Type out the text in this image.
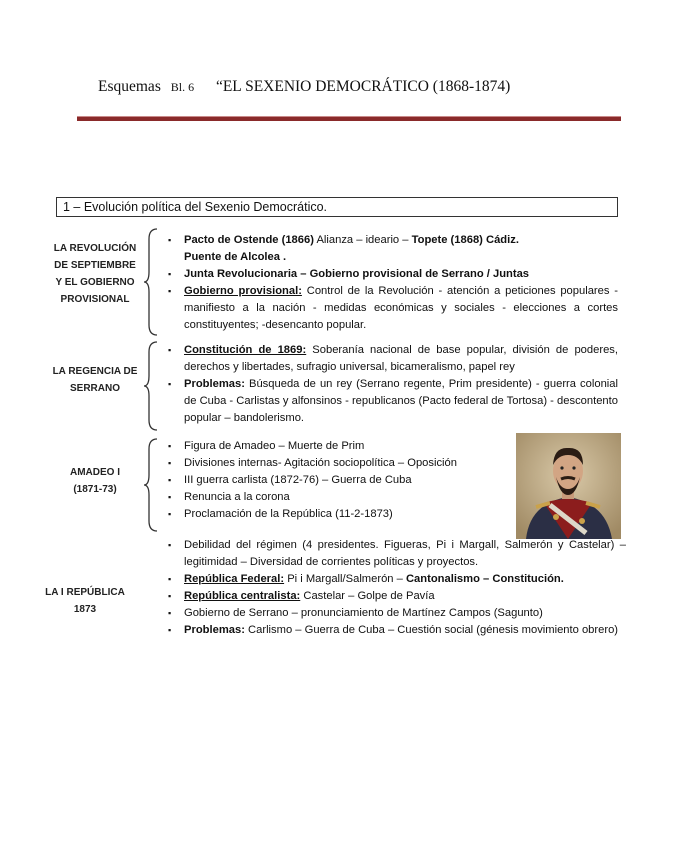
Esquemas Bl. 6 “EL SEXENIO DEMOCRÁTICO (1868-1874)
1 – Evolución política del Sexenio Democrático.
LA REVOLUCIÓN
DE SEPTIEMBRE
Y EL GOBIERNO
PROVISIONAL
▪ Pacto de Ostende (1866) Alianza – ideario – Topete (1868) Cádiz.
Puente de Alcolea .
▪ Junta Revolucionaria – Gobierno provisional de Serrano / Juntas
▪ Gobierno provisional: Control de la Revolución - atención a peticiones populares - manifiesto a la nación - medidas económicas y sociales - elecciones a cortes constituyentes; -desencanto popular.
LA REGENCIA DE
SERRANO
▪ Constitución de 1869: Soberanía nacional de base popular, división de poderes, derechos y libertades, sufragio universal, bicameralismo, papel rey
▪ Problemas: Búsqueda de un rey (Serrano regente, Prim presidente) - guerra colonial de Cuba - Carlistas y alfonsinos - republicanos (Pacto federal de Tortosa) - descontento popular – bandolerismo.
AMADEO I
(1871-73)
▪ Figura de Amadeo – Muerte de Prim
▪ Divisiones internas- Agitación sociopolítica – Oposición
▪ III guerra carlista (1872-76) – Guerra de Cuba
▪ Renuncia a la corona
▪ Proclamación de la República (11-2-1873)
LA I REPÚBLICA
1873
▪ Debilidad del régimen (4 presidentes. Figueras, Pi i Margall, Salmerón y Castelar) – legitimidad – Diversidad de corrientes políticas y proyectos.
▪ República Federal: Pi i Margall/Salmerón – Cantonalismo – Constitución.
▪ República centralista: Castelar – Golpe de Pavía
▪ Gobierno de Serrano – pronunciamiento de Martínez Campos (Sagunto)
▪ Problemas: Carlismo – Guerra de Cuba – Cuestión social (génesis movimiento obrero)
